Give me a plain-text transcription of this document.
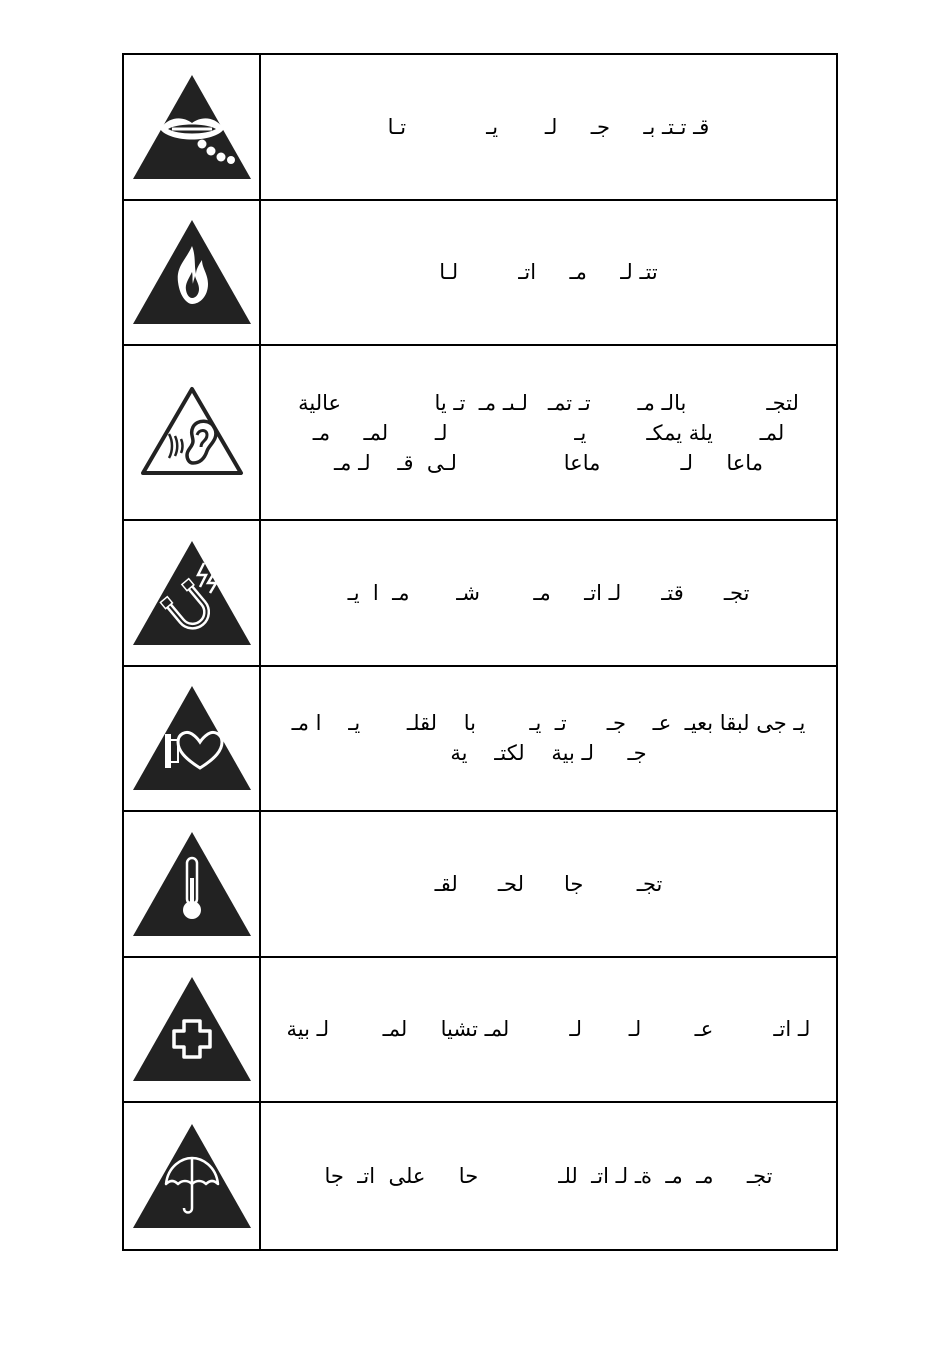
قـ تـتـ بـ     جـ     لـ       يـ            تـا
تتـ لـ     مـ     اتـ         لـا
لتجـ            بالـ مـ       تـ تمـ   لـىـ مـ  تـ يا              عالية
لمـ       يلة يمكـ         يـ                   لـ       لمـ     مـ
ماعا     لـ            ماعا                لـى  قـ    لـ مـ
تجـ      قتـ      لـ اتـ     مـ        شـ       مـ  ا  يـ
يـ جى لبقا بعيـ  عـ    جـ      تـ  يـ        با    لقلـ       يـ    ا مـ
جـ     لـ بية    لكتـ    ية
تجـ        جا      لحـ      لقـ
لـ اتـ         عـ        لـ       لـ         لمـ تشيا     لمـ        لـ بية
تجـ     مـ  مـ  ةـ لـ اتـ  للـ            حا     على  اتـ  جا
